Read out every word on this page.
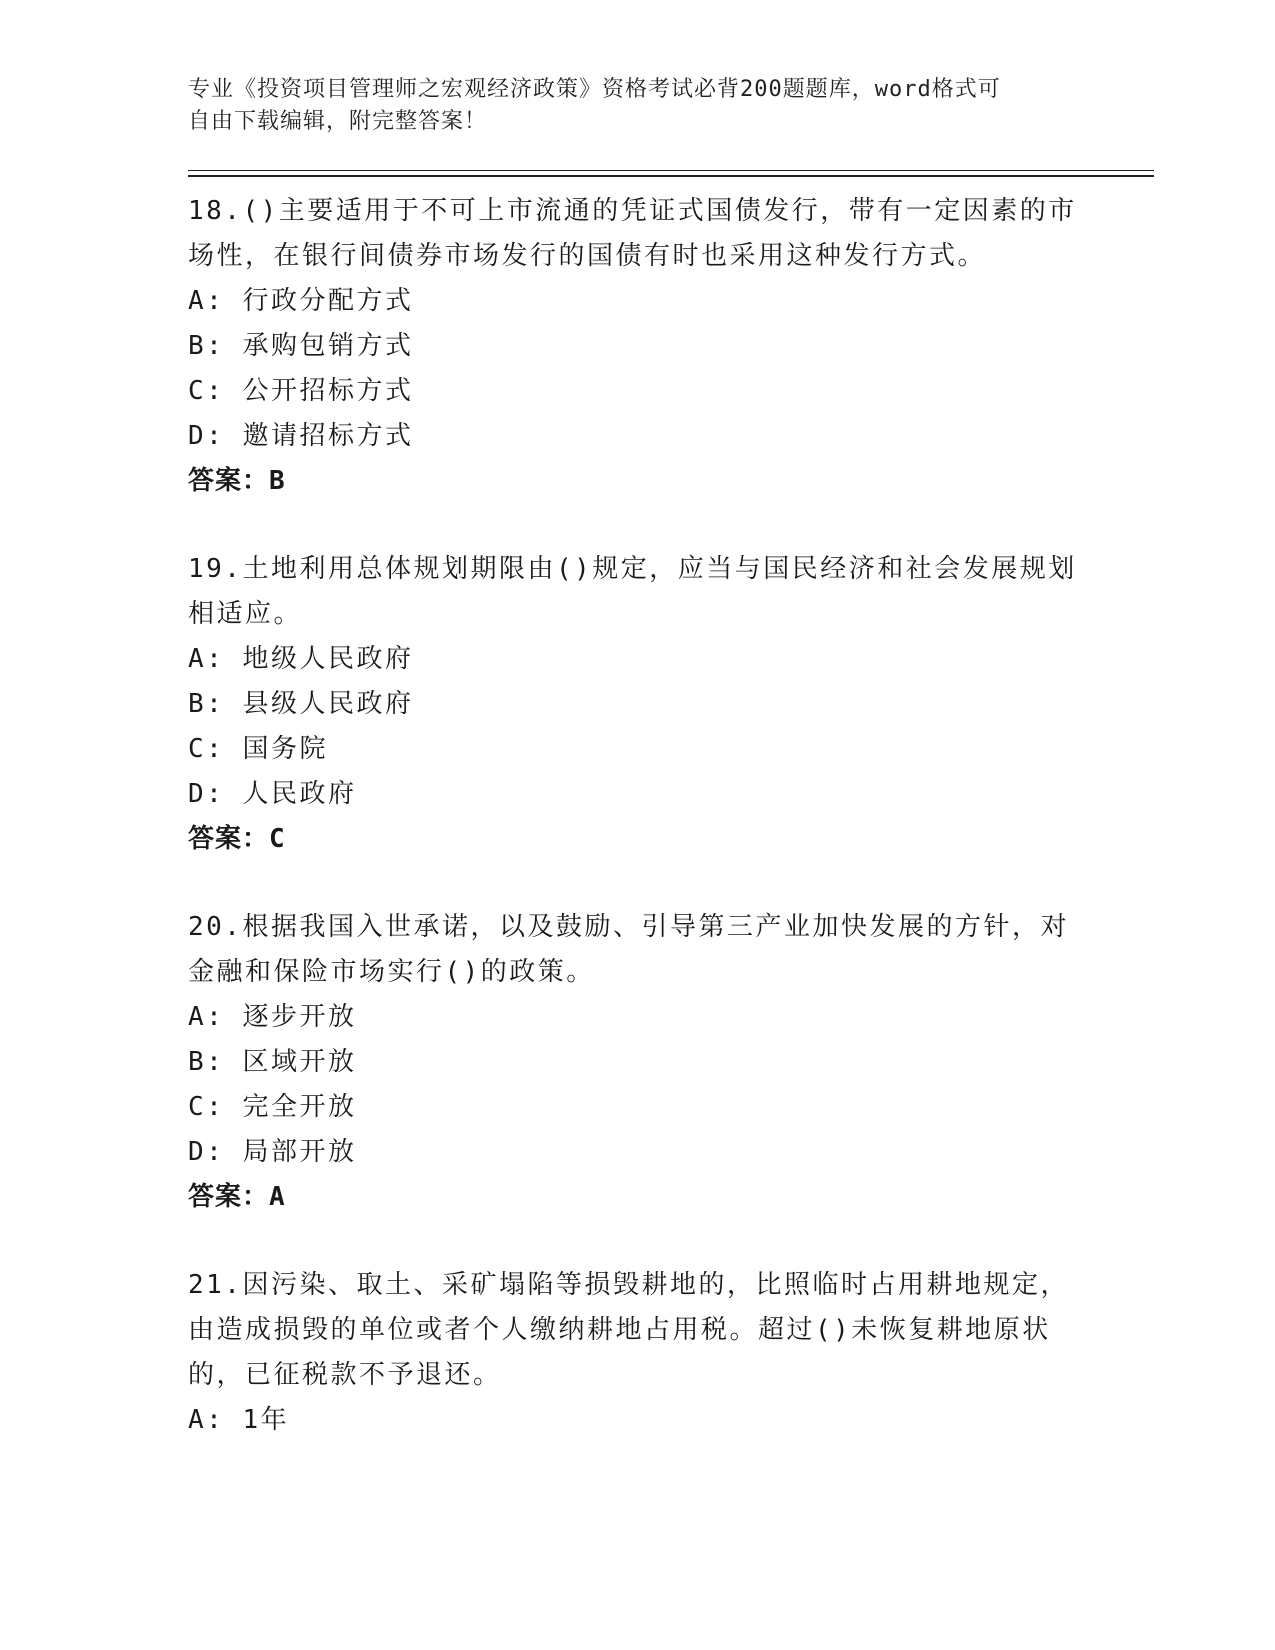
专业《投资项目管理师之宏观经济政策》资格考试必背200题题库，word格式可
自由下载编辑，附完整答案！
18.()主要适用于不可上市流通的凭证式国债发行，带有一定因素的市
场性，在银行间债券市场发行的国债有时也采用这种发行方式。
A: 行政分配方式
B: 承购包销方式
C: 公开招标方式
D: 邀请招标方式
答案：B
19.土地利用总体规划期限由()规定，应当与国民经济和社会发展规划
相适应。
A: 地级人民政府
B: 县级人民政府
C: 国务院
D: 人民政府
答案：C
20.根据我国入世承诺，以及鼓励、引导第三产业加快发展的方针，对
金融和保险市场实行()的政策。
A: 逐步开放
B: 区域开放
C: 完全开放
D: 局部开放
答案：A
21.因污染、取土、采矿塌陷等损毁耕地的，比照临时占用耕地规定，
由造成损毁的单位或者个人缴纳耕地占用税。超过()未恢复耕地原状
的，已征税款不予退还。
A: 1年
